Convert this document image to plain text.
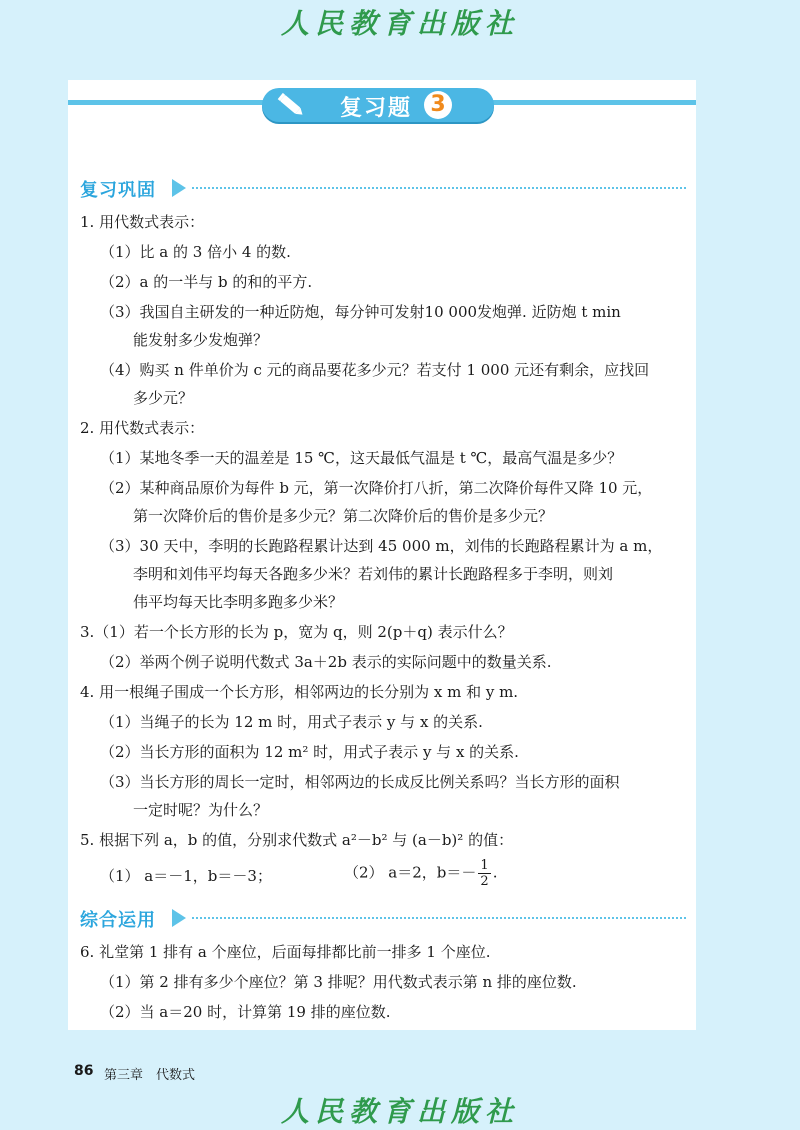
人民教育出版社
复习题 3
复习巩固
1. 用代数式表示：
（1）比 a 的 3 倍小 4 的数.
（2）a 的一半与 b 的和的平方.
（3）我国自主研发的一种近防炮，每分钟可发射10 000发炮弹. 近防炮 t min
能发射多少发炮弹？
（4）购买 n 件单价为 c 元的商品要花多少元？若支付 1 000 元还有剩余，应找回
多少元？
2. 用代数式表示：
（1）某地冬季一天的温差是 15 ℃，这天最低气温是 t ℃，最高气温是多少？
（2）某种商品原价为每件 b 元，第一次降价打八折，第二次降价每件又降 10 元，
第一次降价后的售价是多少元？第二次降价后的售价是多少元？
（3）30 天中，李明的长跑路程累计达到 45 000 m，刘伟的长跑路程累计为 a m，
李明和刘伟平均每天各跑多少米？若刘伟的累计长跑路程多于李明，则刘
伟平均每天比李明多跑多少米？
3.（1）若一个长方形的长为 p，宽为 q，则 2(p＋q) 表示什么？
（2）举两个例子说明代数式 3a＋2b 表示的实际问题中的数量关系.
4. 用一根绳子围成一个长方形，相邻两边的长分别为 x m 和 y m.
（1）当绳子的长为 12 m 时，用式子表示 y 与 x 的关系.
（2）当长方形的面积为 12 m² 时，用式子表示 y 与 x 的关系.
（3）当长方形的周长一定时，相邻两边的长成反比例关系吗？当长方形的面积
一定时呢？为什么？
5. 根据下列 a，b 的值，分别求代数式 a²－b² 与 (a－b)² 的值：
6. 礼堂第 1 排有 a 个座位，后面每排都比前一排多 1 个座位.
（1）第 2 排有多少个座位？第 3 排呢？用代数式表示第 n 排的座位数.
（2）当 a＝20 时，计算第 19 排的座位数.
（1） a＝－1，b＝－3；	（2） a＝2，$b=- \frac{1}{2}$ .
综合运用
86 第三章　代数式
人民教育出版社
